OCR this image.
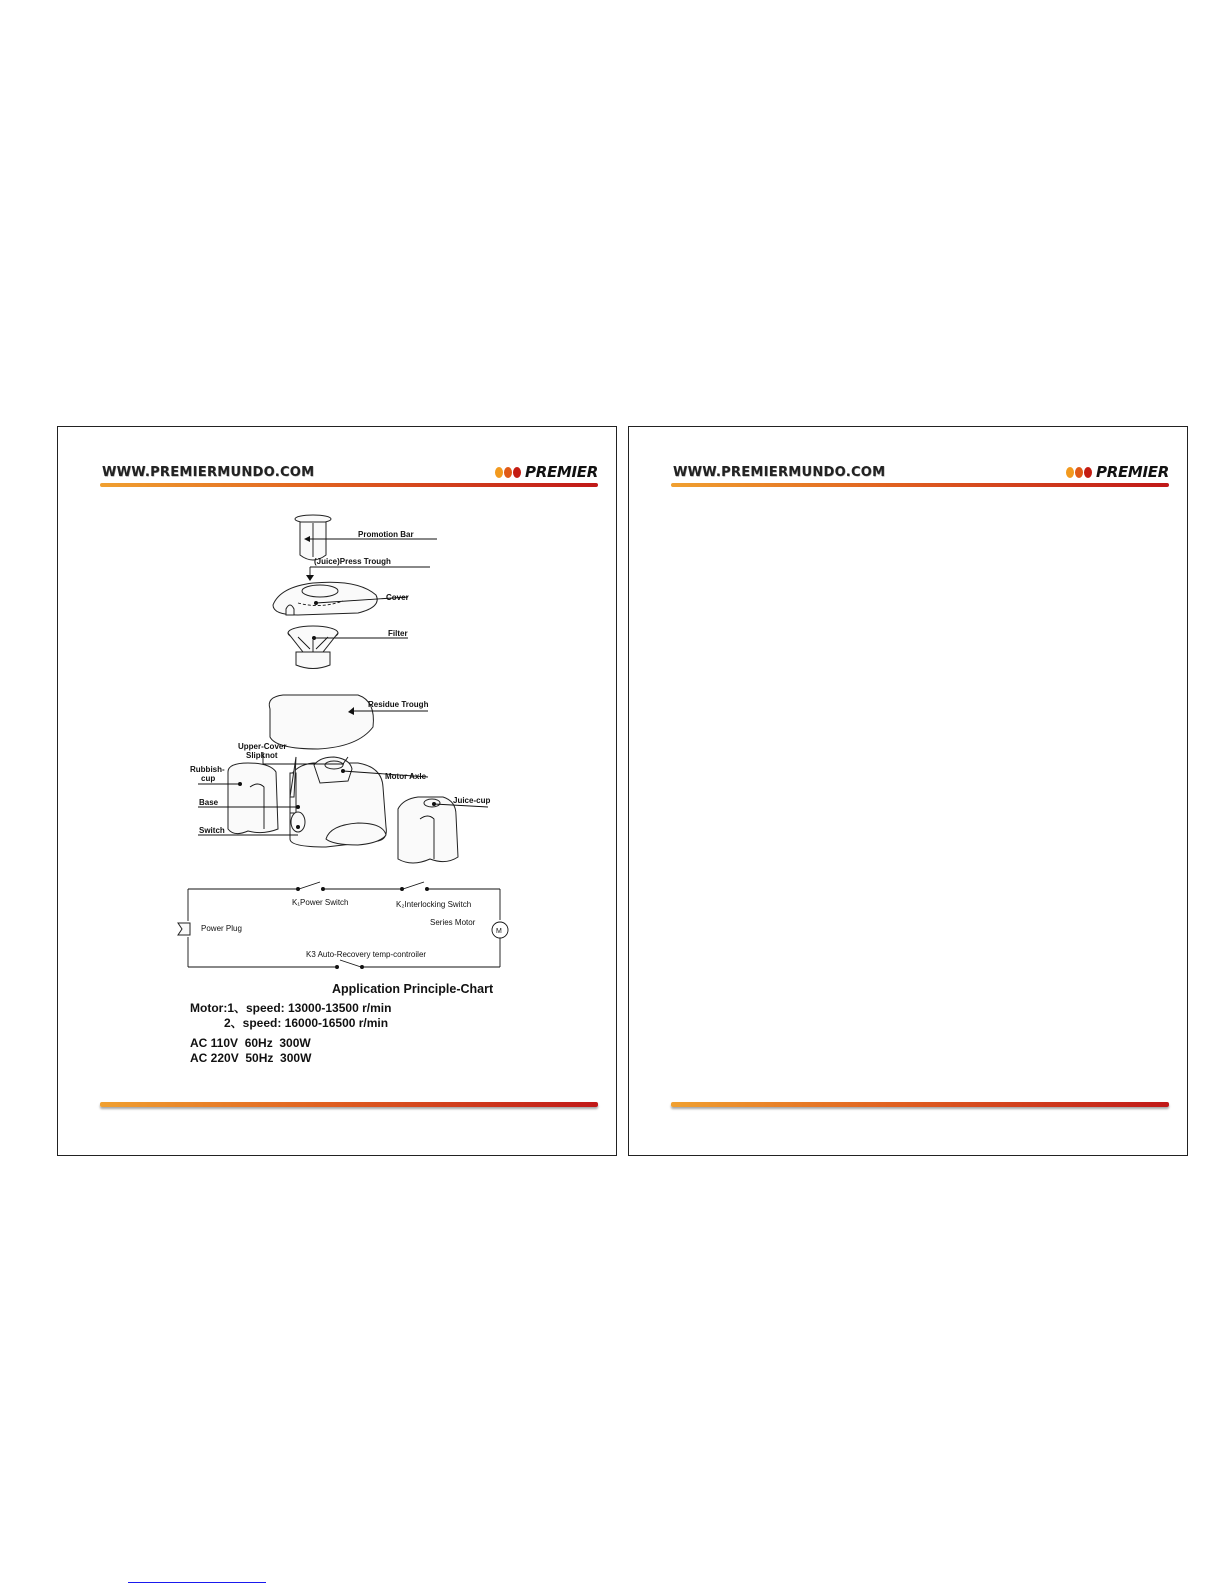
WWW.PREMIERMUNDO.COM	PREMIER
Promotion Bar
(Juice)Press Trough
Cover
Filter
Residue Trough
Upper-Cover
Slipknot
Rubbish-
cup
Base
Switch
Motor Axle
Juice-cup
K₁Power Switch	K₂Interlocking Switch
Series Motor
M
Power Plug
K3 Auto-Recovery temp-controiler
Application Principle-Chart
Motor:1、speed: 13000-13500 r/min
2、speed: 16000-16500 r/min
AC 110V  60Hz  300W
AC 220V  50Hz  300W
WWW.PREMIERMUNDO.COM	PREMIER
